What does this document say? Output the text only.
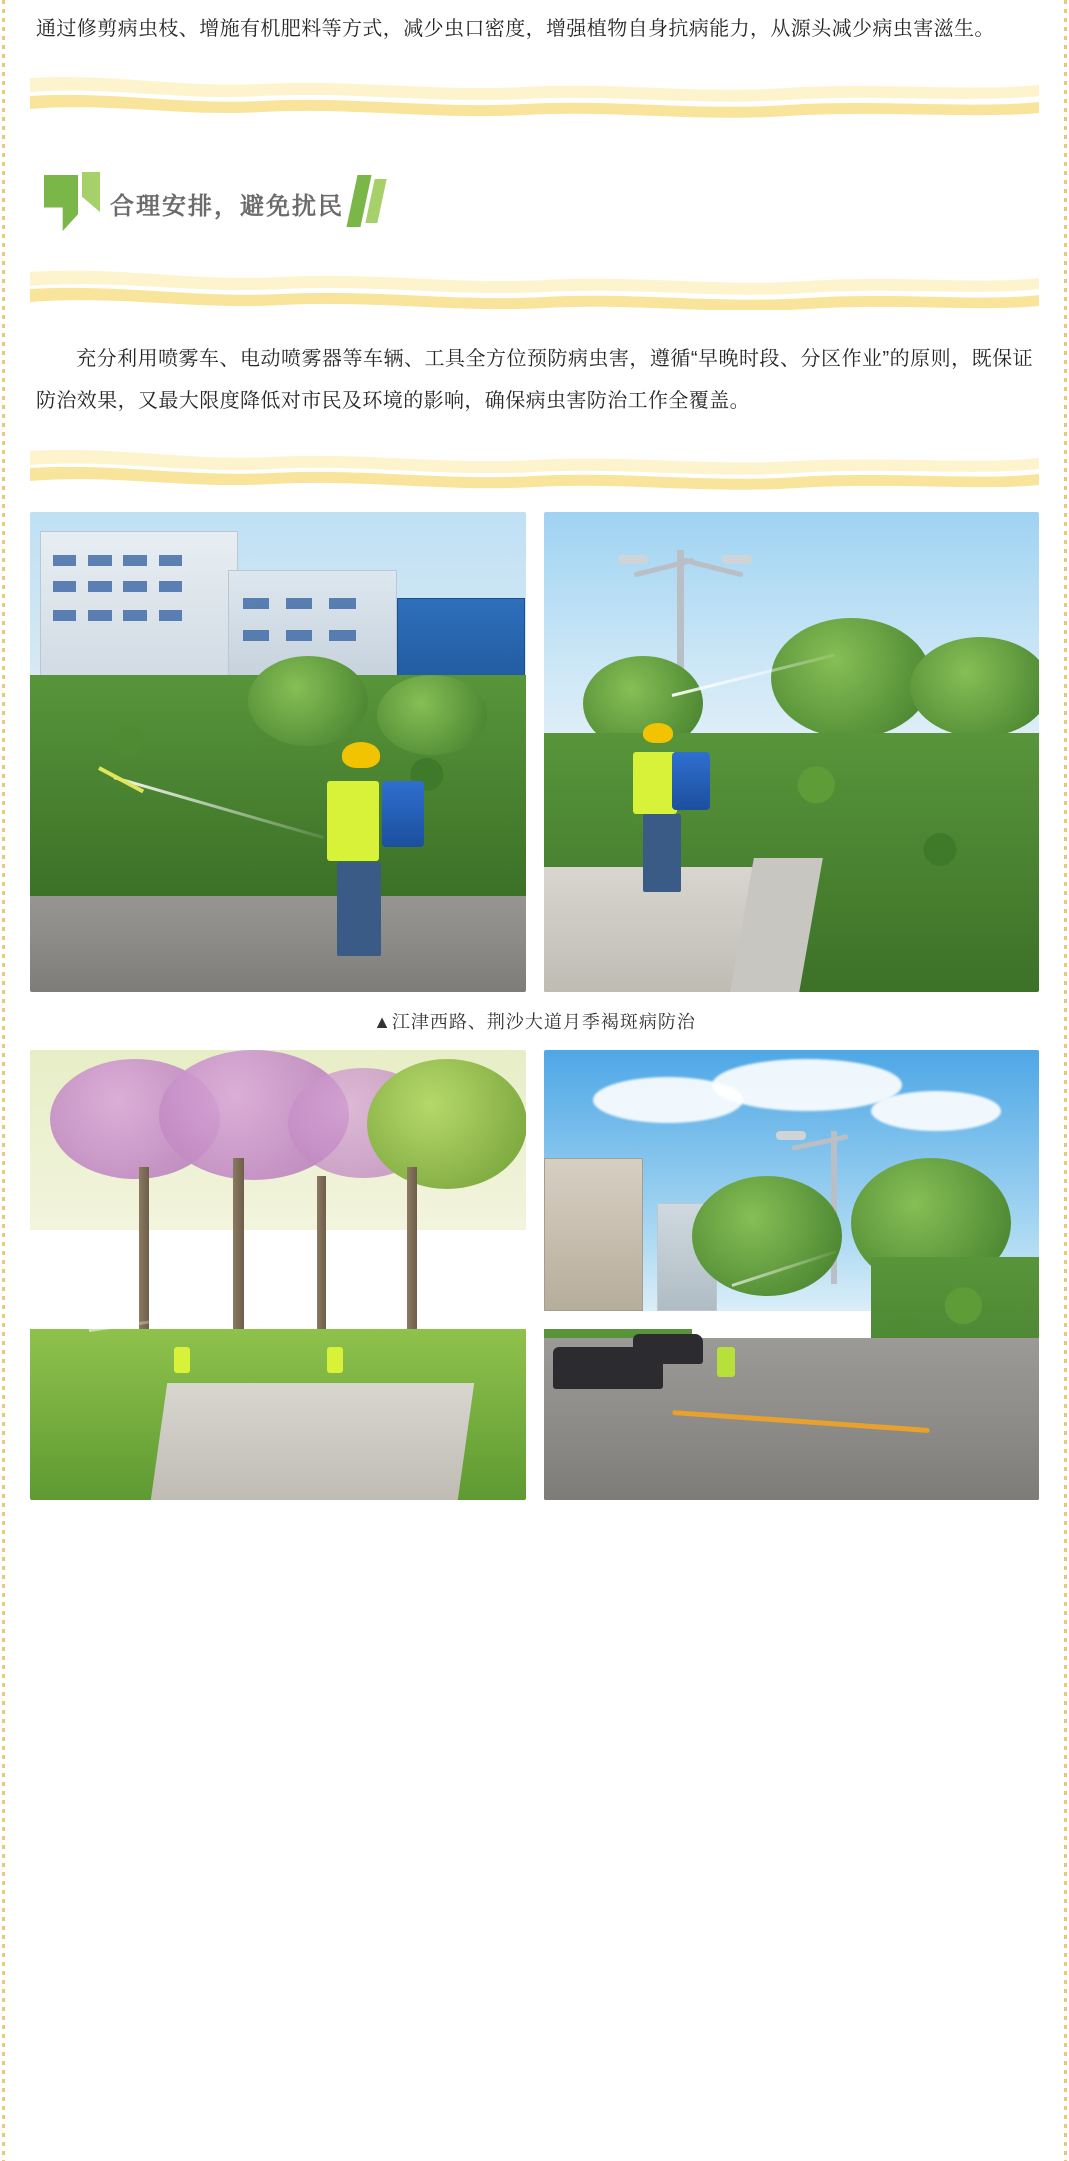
通过修剪病虫枝、增施有机肥料等方式，减少虫口密度，增强植物自身抗病能力，从源头减少病虫害滋生。
合理安排，避免扰民
充分利用喷雾车、电动喷雾器等车辆、工具全方位预防病虫害，遵循“早晚时段、分区作业”的原则，既保证防治效果，又最大限度降低对市民及环境的影响，确保病虫害防治工作全覆盖。
▲江津西路、荆沙大道月季褐斑病防治
